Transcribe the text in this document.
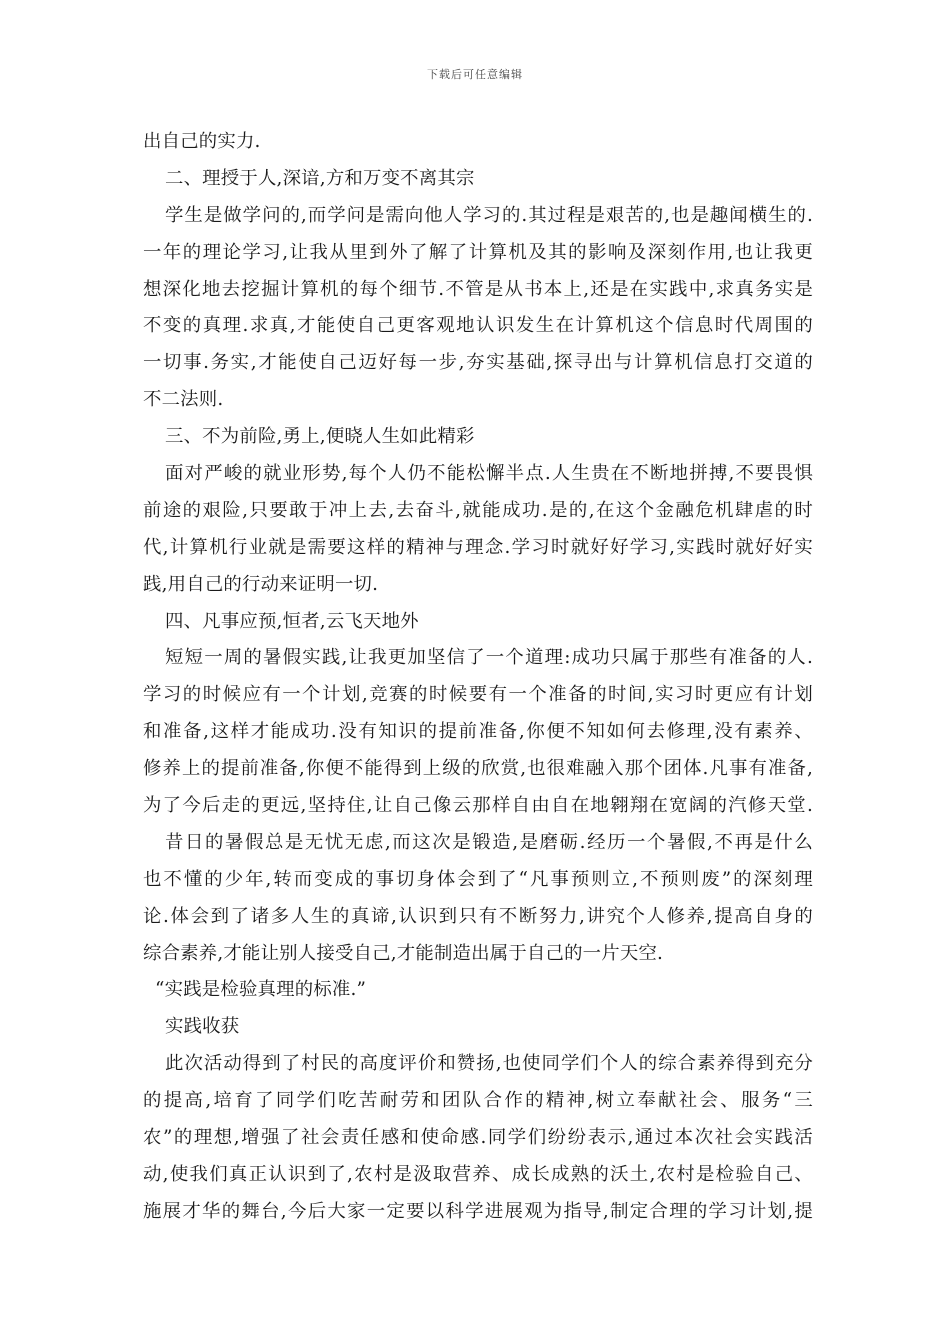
下载后可任意编辑
出自己的实力.
二、理授于人,深谙,方和万变不离其宗
学生是做学问的,而学问是需向他人学习的.其过程是艰苦的,也是趣闻横生的.
一年的理论学习,让我从里到外了解了计算机及其的影响及深刻作用,也让我更
想深化地去挖掘计算机的每个细节.不管是从书本上,还是在实践中,求真务实是
不变的真理.求真,才能使自己更客观地认识发生在计算机这个信息时代周围的
一切事.务实,才能使自己迈好每一步,夯实基础,探寻出与计算机信息打交道的
不二法则.
三、不为前险,勇上,便晓人生如此精彩
面对严峻的就业形势,每个人仍不能松懈半点.人生贵在不断地拼搏,不要畏惧
前途的艰险,只要敢于冲上去,去奋斗,就能成功.是的,在这个金融危机肆虐的时
代,计算机行业就是需要这样的精神与理念.学习时就好好学习,实践时就好好实
践,用自己的行动来证明一切.
四、凡事应预,恒者,云飞天地外
短短一周的暑假实践,让我更加坚信了一个道理:成功只属于那些有准备的人.
学习的时候应有一个计划,竞赛的时候要有一个准备的时间,实习时更应有计划
和准备,这样才能成功.没有知识的提前准备,你便不知如何去修理,没有素养、
修养上的提前准备,你便不能得到上级的欣赏,也很难融入那个团体.凡事有准备,
为了今后走的更远,坚持住,让自己像云那样自由自在地翱翔在宽阔的汽修天堂.
昔日的暑假总是无忧无虑,而这次是锻造,是磨砺.经历一个暑假,不再是什么
也不懂的少年,转而变成的事切身体会到了“凡事预则立,不预则废”的深刻理
论.体会到了诸多人生的真谛,认识到只有不断努力,讲究个人修养,提高自身的
综合素养,才能让别人接受自己,才能制造出属于自己的一片天空.
“实践是检验真理的标准.”
实践收获
此次活动得到了村民的高度评价和赞扬,也使同学们个人的综合素养得到充分
的提高,培育了同学们吃苦耐劳和团队合作的精神,树立奉献社会、服务“三
农”的理想,增强了社会责任感和使命感.同学们纷纷表示,通过本次社会实践活
动,使我们真正认识到了,农村是汲取营养、成长成熟的沃土,农村是检验自己、
施展才华的舞台,今后大家一定要以科学进展观为指导,制定合理的学习计划,提
